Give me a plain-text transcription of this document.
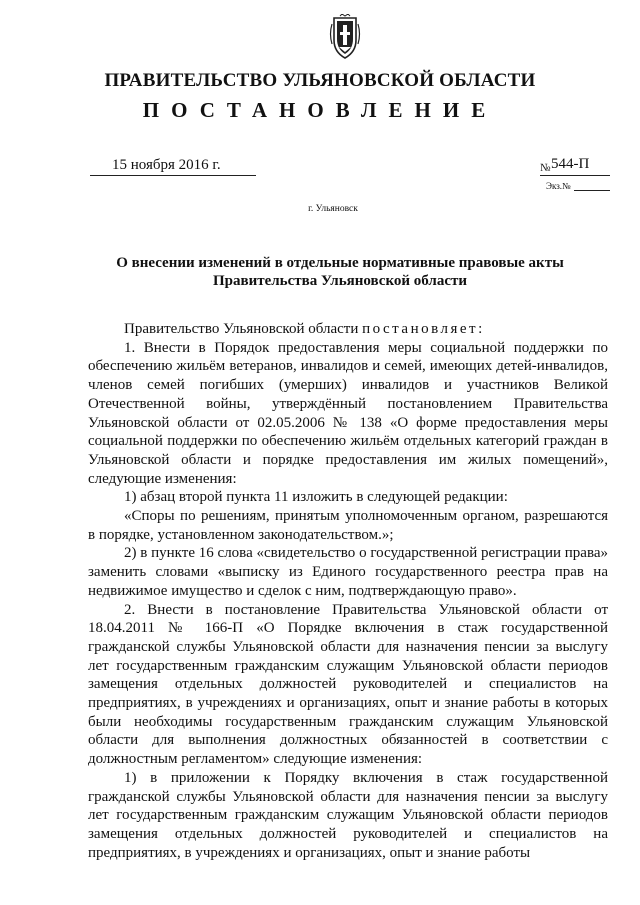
ПРАВИТЕЛЬСТВО УЛЬЯНОВСКОЙ ОБЛАСТИ
ПОСТАНОВЛЕНИЕ
15 ноября 2016 г.	№ 544-П
Экз.№
г. Ульяновск
О внесении изменений в отдельные нормативные правовые акты
Правительства Ульяновской области

Правительство Ульяновской области постановляет:

1. Внести в Порядок предоставления меры социальной поддержки по обеспечению жильём ветеранов, инвалидов и семей, имеющих детей-инвалидов, членов семей погибших (умерших) инвалидов и участников Великой Отечественной войны, утверждённый постановлением Правительства Ульяновской области от 02.05.2006 № 138 «О форме предоставления меры социальной поддержки по обеспечению жильём отдельных категорий граждан в Ульяновской области и порядке предоставления им жилых помещений», следующие изменения:

1) абзац второй пункта 11 изложить в следующей редакции:

«Споры по решениям, принятым уполномоченным органом, разрешаются в порядке, установленном законодательством.»;

2) в пункте 16 слова «свидетельство о государственной регистрации права» заменить словами «выписку из Единого государственного реестра прав на недвижимое имущество и сделок с ним, подтверждающую право».

2. Внести в постановление Правительства Ульяновской области от 18.04.2011 № 166-П «О Порядке включения в стаж государственной гражданской службы Ульяновской области для назначения пенсии за выслугу лет государственным гражданским служащим Ульяновской области периодов замещения отдельных должностей руководителей и специалистов на предприятиях, в учреждениях и организациях, опыт и знание работы в которых были необходимы государственным гражданским служащим Ульяновской области для выполнения должностных обязанностей в соответствии с должностным регламентом» следующие изменения:

1) в приложении к Порядку включения в стаж государственной гражданской службы Ульяновской области для назначения пенсии за выслугу лет государственным гражданским служащим Ульяновской области периодов замещения отдельных должностей руководителей и специалистов на предприятиях, в учреждениях и организациях, опыт и знание работы
